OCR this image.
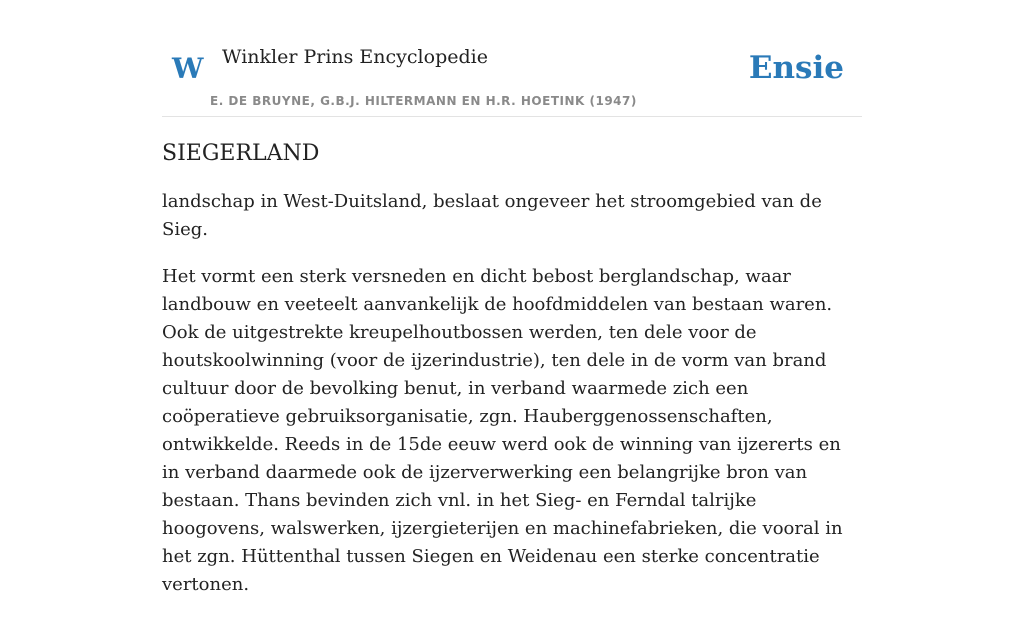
W Winkler Prins Encyclopedie	Ensie
E. DE BRUYNE, G.B.J. HILTERMANN EN H.R. HOETINK (1947)
SIEGERLAND

landschap in West-Duitsland, beslaat ongeveer het stroomgebied van de Sieg.

Het vormt een sterk versneden en dicht bebost berglandschap, waar landbouw en veeteelt aanvankelijk de hoofdmiddelen van bestaan waren. Ook de uitgestrekte kreupelhoutbossen werden, ten dele voor de houtskoolwinning (voor de ijzerindustrie), ten dele in de vorm van brand cultuur door de bevolking benut, in verband waarmede zich een coöperatieve gebruiksorganisatie, zgn. Hauberggenossenschaften, ontwikkelde. Reeds in de 15de eeuw werd ook de winning van ijzererts en in verband daarmede ook de ijzerverwerking een belangrijke bron van bestaan. Thans bevinden zich vnl. in het Sieg- en Ferndal talrijke hoogovens, walswerken, ijzergieterijen en machinefabrieken, die vooral in het zgn. Hüttenthal tussen Siegen en Weidenau een sterke concentratie vertonen.
